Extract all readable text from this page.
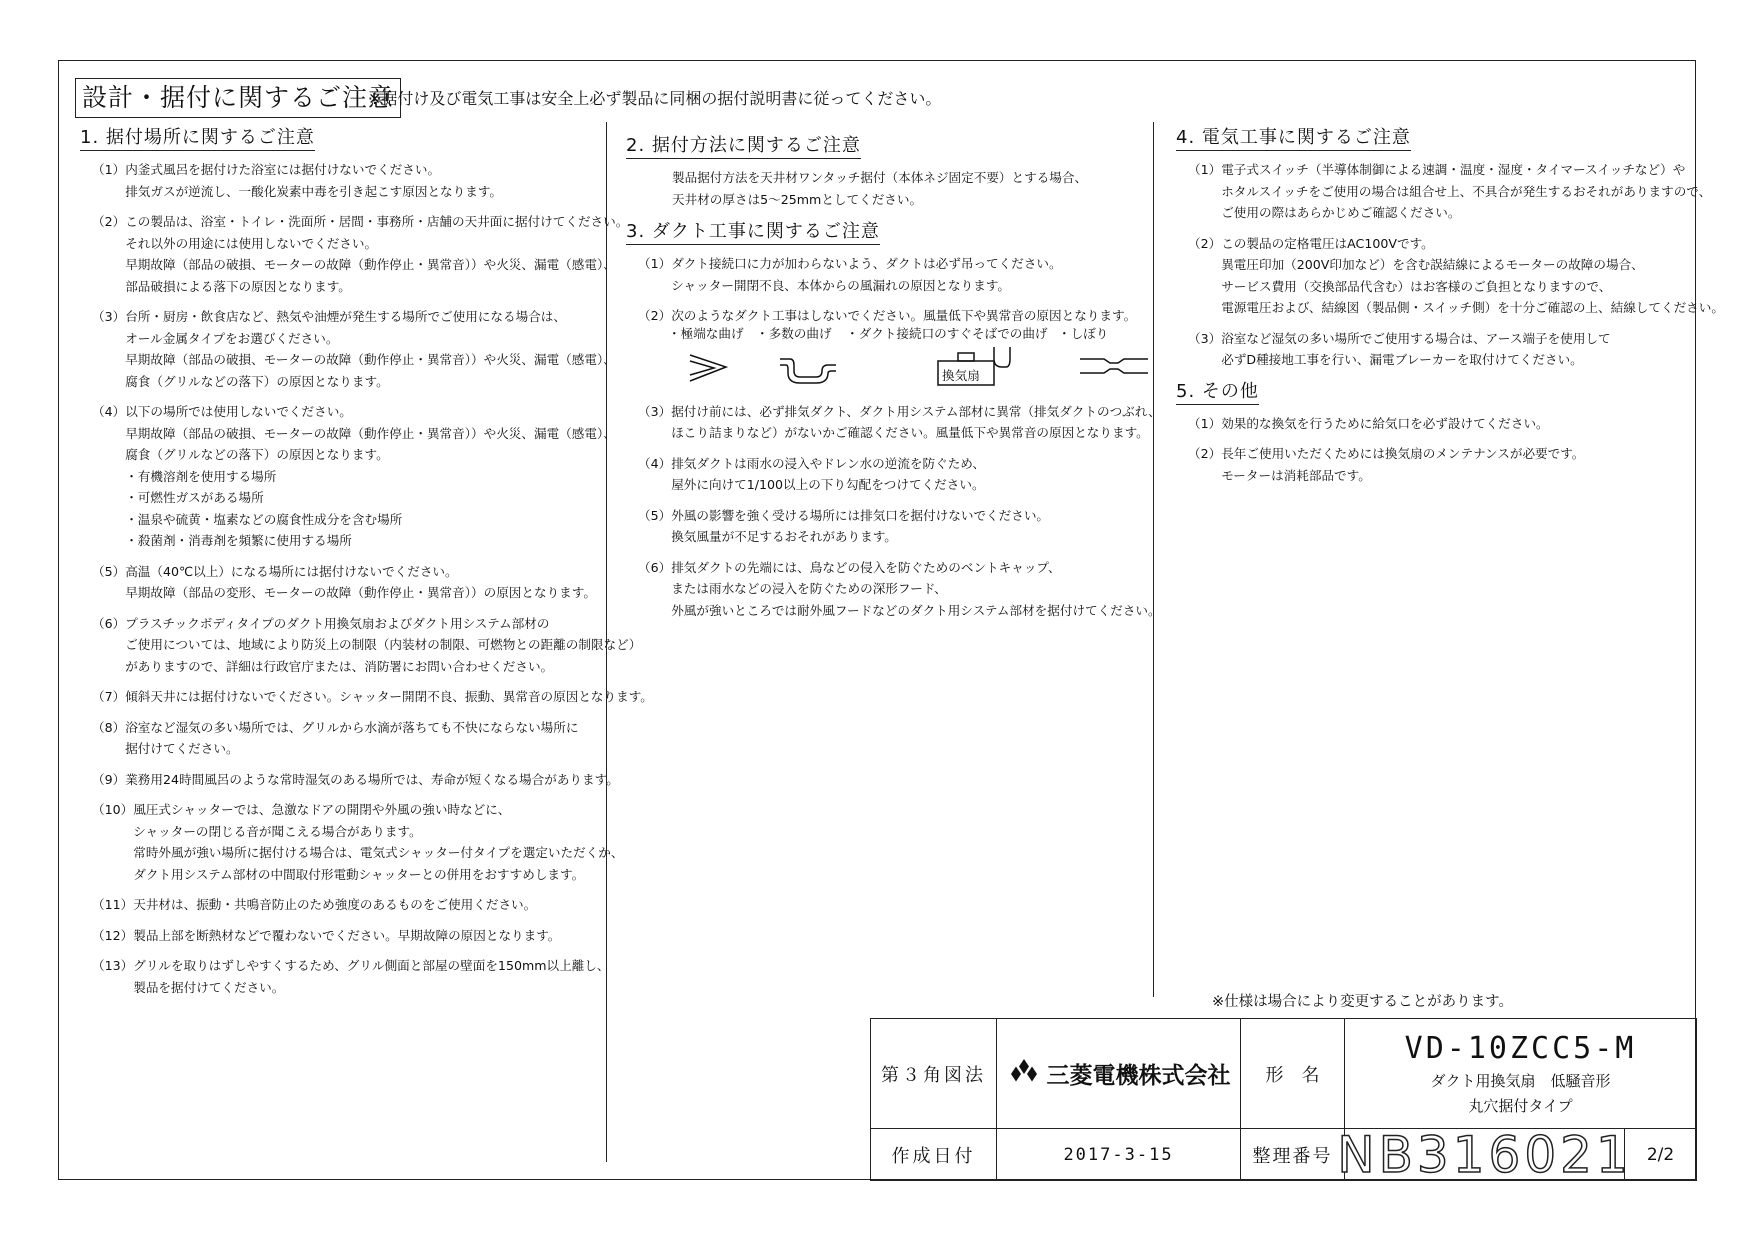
設計・据付に関するご注意
※据付け及び電気工事は安全上必ず製品に同梱の据付説明書に従ってください。
1. 据付場所に関するご注意
（1） 内釜式風呂を据付けた浴室には据付けないでください。
排気ガスが逆流し、一酸化炭素中毒を引き起こす原因となります。
（2） この製品は、浴室・トイレ・洗面所・居間・事務所・店舗の天井面に据付けてください。
それ以外の用途には使用しないでください。
早期故障（部品の破損、モーターの故障（動作停止・異常音））や火災、漏電（感電）、
部品破損による落下の原因となります。
（3） 台所・厨房・飲食店など、熱気や油煙が発生する場所でご使用になる場合は、
オール金属タイプをお選びください。
早期故障（部品の破損、モーターの故障（動作停止・異常音））や火災、漏電（感電）、
腐食（グリルなどの落下）の原因となります。
（4） 以下の場所では使用しないでください。
早期故障（部品の破損、モーターの故障（動作停止・異常音））や火災、漏電（感電）、
腐食（グリルなどの落下）の原因となります。
・有機溶剤を使用する場所
・可燃性ガスがある場所
・温泉や硫黄・塩素などの腐食性成分を含む場所
・殺菌剤・消毒剤を頻繁に使用する場所
（5） 高温（40℃以上）になる場所には据付けないでください。
早期故障（部品の変形、モーターの故障（動作停止・異常音））の原因となります。
（6） プラスチックボディタイプのダクト用換気扇およびダクト用システム部材の
ご使用については、地域により防災上の制限（内装材の制限、可燃物との距離の制限など）
がありますので、詳細は行政官庁または、消防署にお問い合わせください。
（7） 傾斜天井には据付けないでください。シャッター開閉不良、振動、異常音の原因となります。
（8） 浴室など湿気の多い場所では、グリルから水滴が落ちても不快にならない場所に
据付けてください。
（9） 業務用24時間風呂のような常時湿気のある場所では、寿命が短くなる場合があります。
（10） 風圧式シャッターでは、急激なドアの開閉や外風の強い時などに、
シャッターの閉じる音が聞こえる場合があります。
常時外風が強い場所に据付ける場合は、電気式シャッター付タイプを選定いただくか、
ダクト用システム部材の中間取付形電動シャッターとの併用をおすすめします。
（11） 天井材は、振動・共鳴音防止のため強度のあるものをご使用ください。
（12） 製品上部を断熱材などで覆わないでください。早期故障の原因となります。
（13） グリルを取りはずしやすくするため、グリル側面と部屋の壁面を150mm以上離し、
製品を据付けてください。
2. 据付方法に関するご注意
製品据付方法を天井材ワンタッチ据付（本体ネジ固定不要）とする場合、
天井材の厚さは5～25mmとしてください。
3. ダクト工事に関するご注意
（1） ダクト接続口に力が加わらないよう、ダクトは必ず吊ってください。
シャッター開閉不良、本体からの風漏れの原因となります。
（2） 次のようなダクト工事はしないでください。風量低下や異常音の原因となります。
・極端な曲げ ・多数の曲げ ・ダクト接続口のすぐそばでの曲げ ・しぼり
換気扇
（3） 据付け前には、必ず排気ダクト、ダクト用システム部材に異常（排気ダクトのつぶれ、
ほこり詰まりなど）がないかご確認ください。風量低下や異常音の原因となります。
（4） 排気ダクトは雨水の浸入やドレン水の逆流を防ぐため、
屋外に向けて1/100以上の下り勾配をつけてください。
（5） 外風の影響を強く受ける場所には排気口を据付けないでください。
換気風量が不足するおそれがあります。
（6） 排気ダクトの先端には、鳥などの侵入を防ぐためのベントキャップ、
または雨水などの浸入を防ぐための深形フード、
外風が強いところでは耐外風フードなどのダクト用システム部材を据付けてください。
4. 電気工事に関するご注意
（1） 電子式スイッチ（半導体制御による速調・温度・湿度・タイマースイッチなど）や
ホタルスイッチをご使用の場合は組合せ上、不具合が発生するおそれがありますので、
ご使用の際はあらかじめご確認ください。
（2） この製品の定格電圧はAC100Vです。
異電圧印加（200V印加など）を含む誤結線によるモーターの故障の場合、
サービス費用（交換部品代含む）はお客様のご負担となりますので、
電源電圧および、結線図（製品側・スイッチ側）を十分ご確認の上、結線してください。
（3） 浴室など湿気の多い場所でご使用する場合は、アース端子を使用して
必ずD種接地工事を行い、漏電ブレーカーを取付けてください。
5. その他
（1） 効果的な換気を行うために給気口を必ず設けてください。
（2） 長年ご使用いただくためには換気扇のメンテナンスが必要です。
モーターは消耗部品です。
※仕様は場合により変更することがあります。
第３角図法	三菱電機株式会社	形　名
VD-10ZCC5-M
ダクト用換気扇　低騒音形
丸穴据付タイプ
作成日付	2017-3-15	整理番号 NB316021 2/2
